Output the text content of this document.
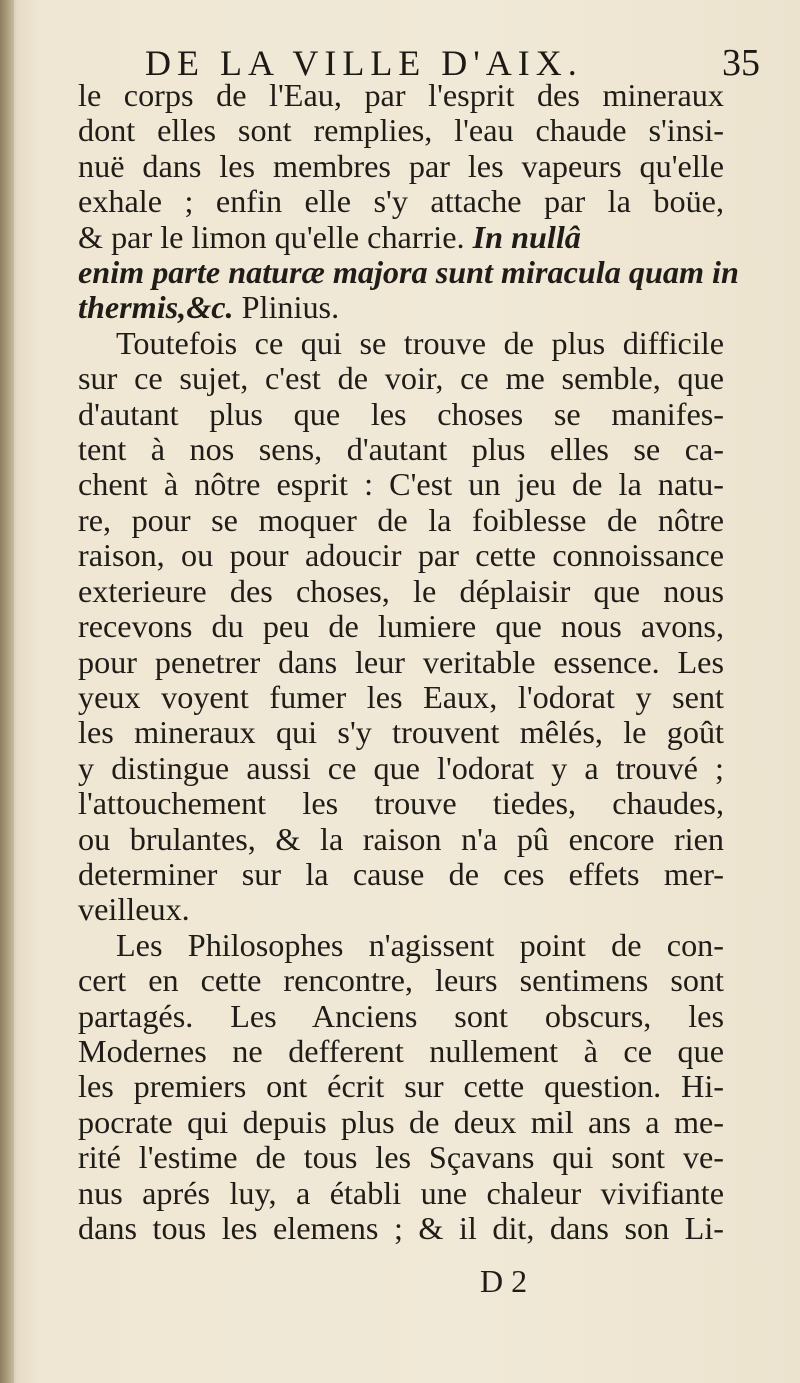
DE LA VILLE D'AIX.	35
le corps de l'Eau, par l'esprit des mineraux
dont elles sont remplies, l'eau chaude s'insi-
nuë dans les membres par les vapeurs qu'elle
exhale ; enfin elle s'y attache par la boüe,
& par le limon qu'elle charrie. In nullâ
enim parte naturæ majora sunt miracula quam in
thermis,&c. Plinius.
Toutefois ce qui se trouve de plus difficile
sur ce sujet, c'est de voir, ce me semble, que
d'autant plus que les choses se manifes-
tent à nos sens, d'autant plus elles se ca-
chent à nôtre esprit : C'est un jeu de la natu-
re, pour se moquer de la foiblesse de nôtre
raison, ou pour adoucir par cette connoissance
exterieure des choses, le déplaisir que nous
recevons du peu de lumiere que nous avons,
pour penetrer dans leur veritable essence. Les
yeux voyent fumer les Eaux, l'odorat y sent
les mineraux qui s'y trouvent mêlés, le goût
y distingue aussi ce que l'odorat y a trouvé ;
l'attouchement les trouve tiedes, chaudes,
ou brulantes, & la raison n'a pû encore rien
determiner sur la cause de ces effets mer-
veilleux.
Les Philosophes n'agissent point de con-
cert en cette rencontre, leurs sentimens sont
partagés. Les Anciens sont obscurs, les
Modernes ne defferent nullement à ce que
les premiers ont écrit sur cette question. Hi-
pocrate qui depuis plus de deux mil ans a me-
rité l'estime de tous les Sçavans qui sont ve-
nus aprés luy, a établi une chaleur vivifiante
dans tous les elemens ; & il dit, dans son Li-
D 2
